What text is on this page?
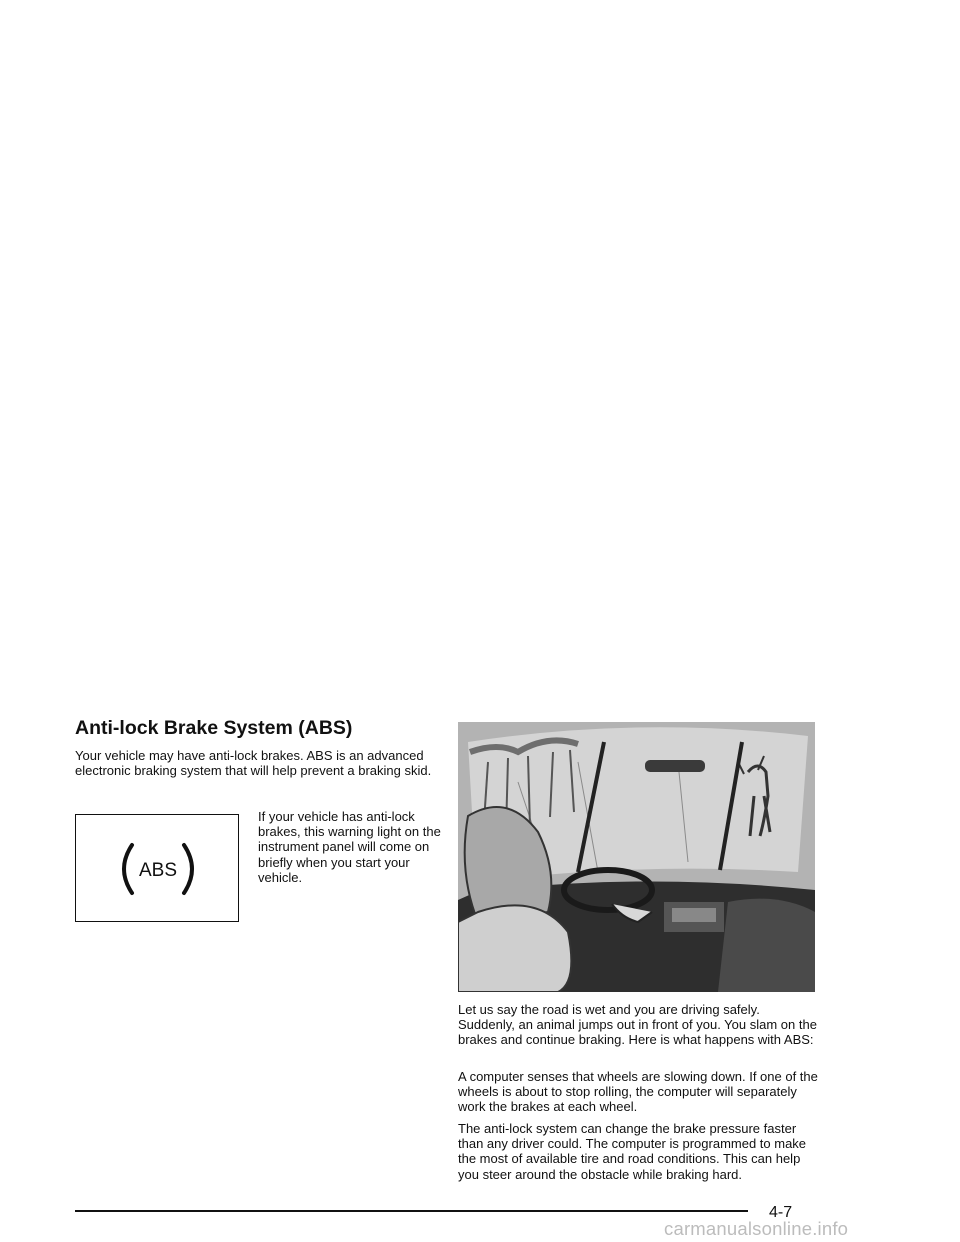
Anti-lock Brake System (ABS)

Your vehicle may have anti-lock brakes. ABS is an advanced electronic braking system that will help prevent a braking skid.

ABS

If your vehicle has anti-lock brakes, this warning light on the instrument panel will come on briefly when you start your vehicle.

Let us say the road is wet and you are driving safely. Suddenly, an animal jumps out in front of you. You slam on the brakes and continue braking. Here is what happens with ABS:

A computer senses that wheels are slowing down. If one of the wheels is about to stop rolling, the computer will separately work the brakes at each wheel.

The anti-lock system can change the brake pressure faster than any driver could. The computer is programmed to make the most of available tire and road conditions. This can help you steer around the obstacle while braking hard.

4-7

carmanualsonline.info
